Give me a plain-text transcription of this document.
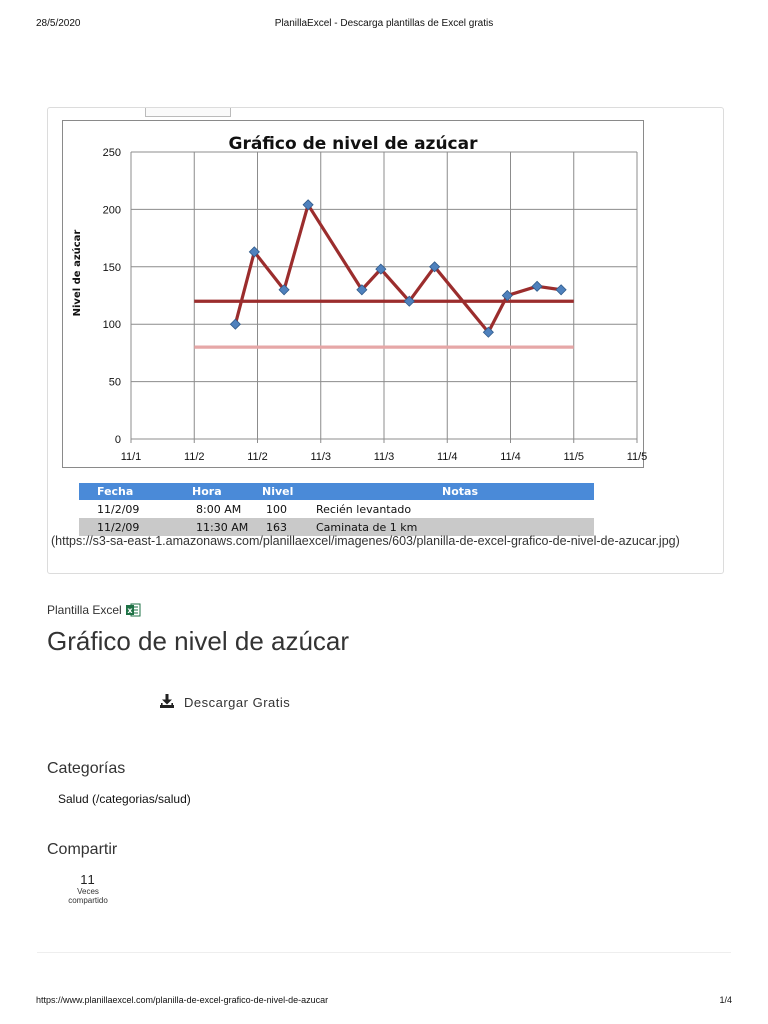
28/5/2020	PlanillaExcel - Descarga plantillas de Excel gratis
Gráfico de nivel de azúcar
Nivel de azúcar
0
50
100
150
200
250
11/1	11/2	11/2	11/3	11/3	11/4	11/4	11/5	11/5
Fecha	Hora	Nivel	Notas
11/2/09	8:00 AM	100	Recién levantado
11/2/09	11:30 AM	163	Caminata de 1 km
(https://s3-sa-east-1.amazonaws.com/planillaexcel/imagenes/603/planilla-de-excel-grafico-de-nivel-de-azucar.jpg)
Plantilla Excel x
Gráfico de nivel de azúcar
Descargar Gratis
Categorías
Salud (/categorias/salud)
Compartir
11
Veces
compartido
https://www.planillaexcel.com/planilla-de-excel-grafico-de-nivel-de-azucar	1/4
